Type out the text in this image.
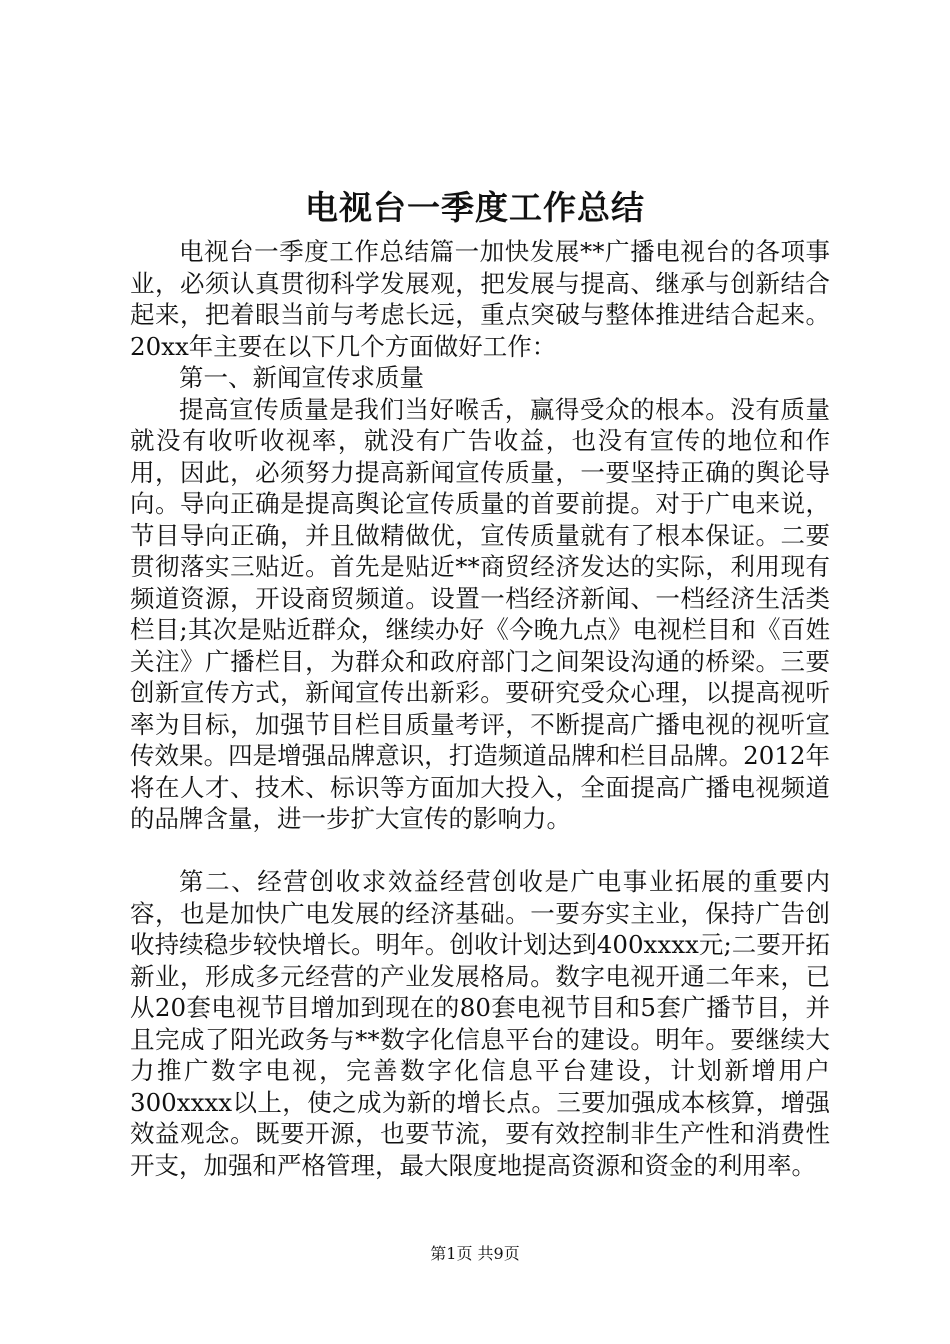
电视台一季度工作总结

电视台一季度工作总结篇一加快发展**广播电视台的各项事业，必须认真贯彻科学发展观，把发展与提高、继承与创新结合起来，把着眼当前与考虑长远，重点突破与整体推进结合起来。20xx年主要在以下几个方面做好工作：

第一、新闻宣传求质量

提高宣传质量是我们当好喉舌，赢得受众的根本。没有质量就没有收听收视率，就没有广告收益，也没有宣传的地位和作用，因此，必须努力提高新闻宣传质量，一要坚持正确的舆论导向。导向正确是提高舆论宣传质量的首要前提。对于广电来说，节目导向正确，并且做精做优，宣传质量就有了根本保证。二要贯彻落实三贴近。首先是贴近**商贸经济发达的实际，利用现有频道资源，开设商贸频道。设置一档经济新闻、一档经济生活类栏目;其次是贴近群众，继续办好《今晚九点》电视栏目和《百姓关注》广播栏目，为群众和政府部门之间架设沟通的桥梁。三要创新宣传方式，新闻宣传出新彩。要研究受众心理，以提高视听率为目标，加强节目栏目质量考评，不断提高广播电视的视听宣传效果。四是增强品牌意识，打造频道品牌和栏目品牌。2012年将在人才、技术、标识等方面加大投入，全面提高广播电视频道的品牌含量，进一步扩大宣传的影响力。

第二、经营创收求效益经营创收是广电事业拓展的重要内容，也是加快广电发展的经济基础。一要夯实主业，保持广告创收持续稳步较快增长。明年。创收计划达到400xxxx元;二要开拓新业，形成多元经营的产业发展格局。数字电视开通二年来，已从20套电视节目增加到现在的80套电视节目和5套广播节目，并且完成了阳光政务与**数字化信息平台的建设。明年。要继续大力推广数字电视，完善数字化信息平台建设，计划新增用户300xxxx以上，使之成为新的增长点。三要加强成本核算，增强效益观念。既要开源，也要节流，要有效控制非生产性和消费性开支，加强和严格管理，最大限度地提高资源和资金的利用率。

第1页 共9页
